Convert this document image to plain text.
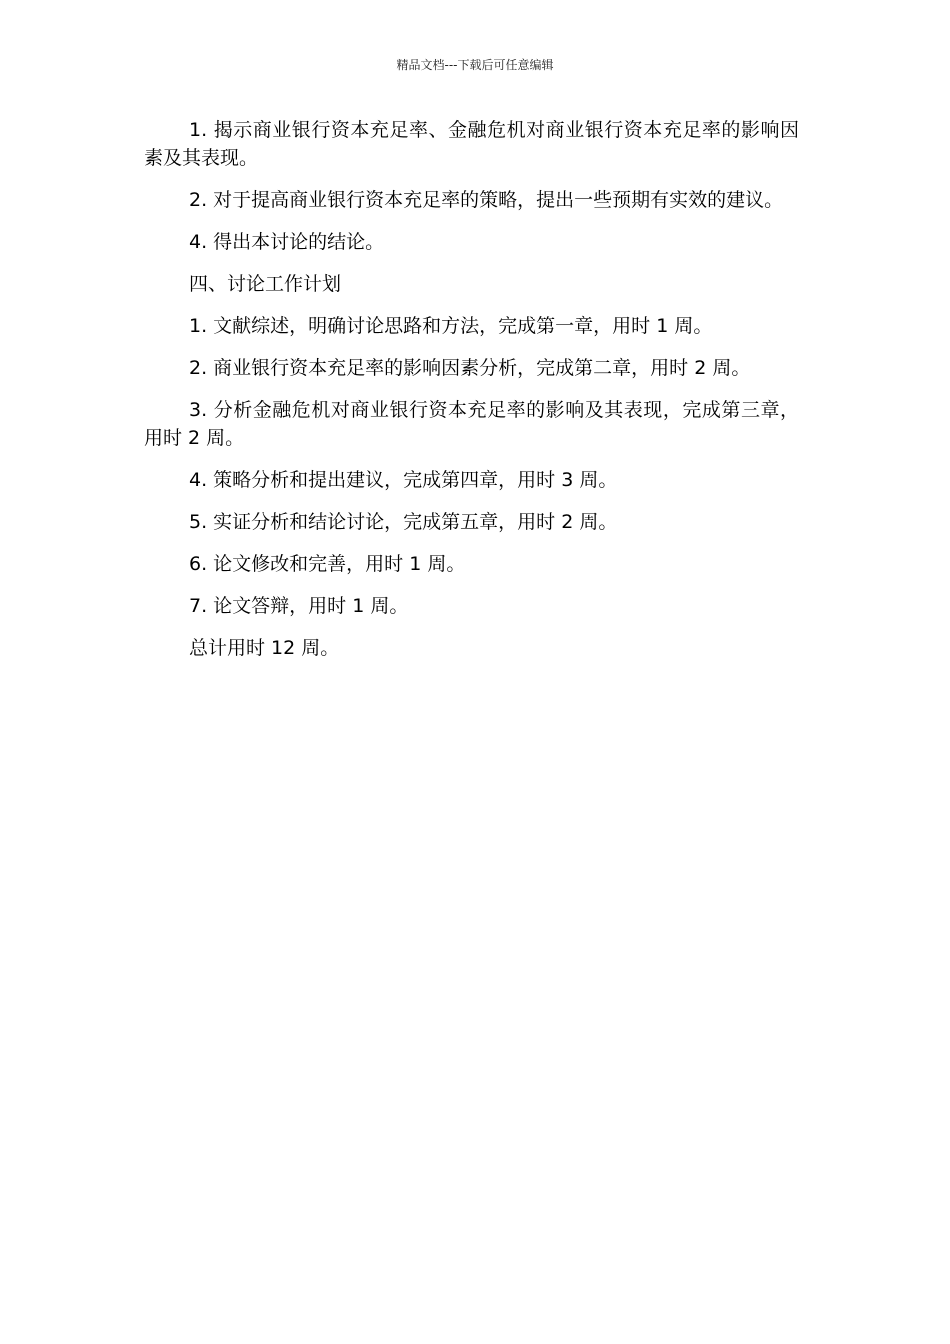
精品文档---下载后可任意编辑

1. 揭示商业银行资本充足率、金融危机对商业银行资本充足率的影响因素及其表现。

2. 对于提高商业银行资本充足率的策略，提出一些预期有实效的建议。

4. 得出本讨论的结论。

四、讨论工作计划

1. 文献综述，明确讨论思路和方法，完成第一章，用时 1 周。

2. 商业银行资本充足率的影响因素分析，完成第二章，用时 2 周。

3. 分析金融危机对商业银行资本充足率的影响及其表现，完成第三章，用时 2 周。

4. 策略分析和提出建议，完成第四章，用时 3 周。

5. 实证分析和结论讨论，完成第五章，用时 2 周。

6. 论文修改和完善，用时 1 周。

7. 论文答辩，用时 1 周。

总计用时 12 周。
